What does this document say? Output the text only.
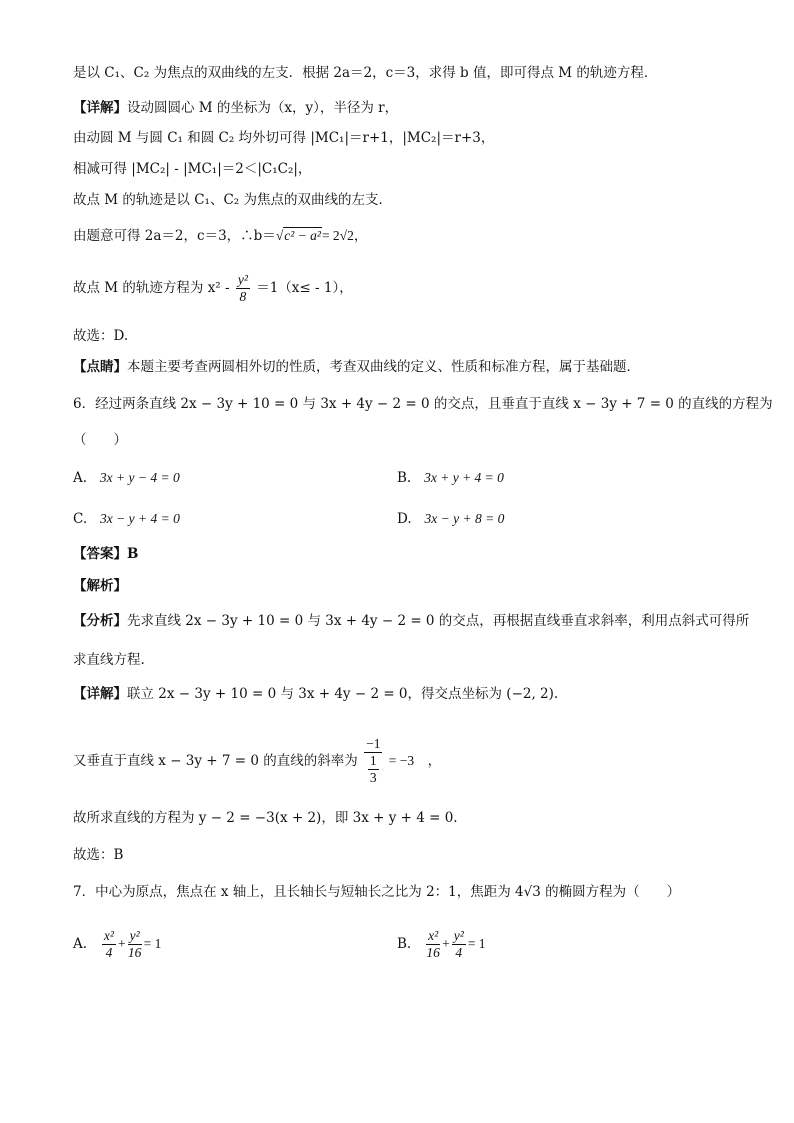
是以 C₁、C₂ 为焦点的双曲线的左支．根据 2a＝2，c＝3，求得 b 值，即可得点 M 的轨迹方程．
【详解】设动圆圆心 M 的坐标为（x，y），半径为 r，
由动圆 M 与圆 C₁ 和圆 C₂ 均外切可得 |MC₁|＝r+1，|MC₂|＝r+3，
相减可得 |MC₂| - |MC₁|＝2＜|C₁C₂|，
故点 M 的轨迹是以 C₁、C₂ 为焦点的双曲线的左支．
由题意可得 2a＝2，c＝3，∴b＝√c² − a²= 2√2，
故点 M 的轨迹方程为 $x^2 - \frac{\text{y²}}{8} =1(x\le - 1)$，
故选：D.
【点睛】本题主要考查两圆相外切的性质，考查双曲线的定义、性质和标准方程，属于基础题．
6．经过两条直线 2x − 3y + 10 = 0 与 3x + 4y − 2 = 0 的交点，且垂直于直线 x − 3y + 7 = 0 的直线的方程为
（　　）
A. 3x + y − 4 = 0	B. 3x + y + 4 = 0
C. 3x − y + 4 = 0	D. 3x − y + 8 = 0
【答案】B
【解析】
【分析】先求直线 2x − 3y + 10 = 0 与 3x + 4y − 2 = 0 的交点，再根据直线垂直求斜率，利用点斜式可得所
求直线方程.
【详解】联立 2x − 3y + 10 = 0 与 3x + 4y − 2 = 0，得交点坐标为 (−2, 2).
又垂直于直线 x − 3y + 7 = 0 的直线的斜率为 $\frac{-1}{\frac{1}{3}} = -3$　，
故所求直线的方程为 y − 2 = −3(x + 2)，即 3x + y + 4 = 0.
故选：B
7．中心为原点，焦点在 x 轴上，且长轴长与短轴长之比为 2：1，焦距为 4√3 的椭圆方程为（　　）
A. $\frac{\text{x²}}{4} + \frac{\text{y²}}{16} = 1$	B. $\frac{\text{x²}}{16} + \frac{\text{y²}}{4} = 1$
